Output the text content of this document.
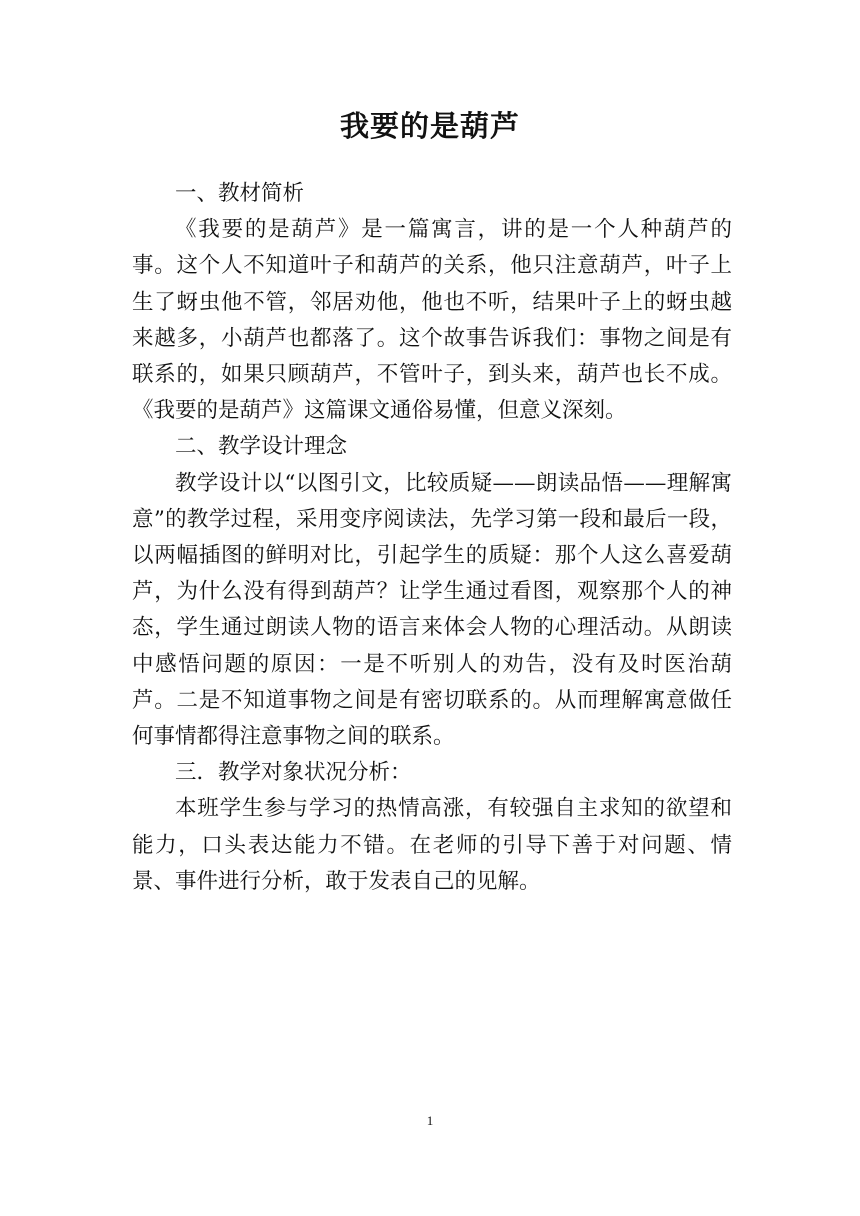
我要的是葫芦

一、教材简析

《我要的是葫芦》是一篇寓言，讲的是一个人种葫芦的事。这个人不知道叶子和葫芦的关系，他只注意葫芦，叶子上生了蚜虫他不管，邻居劝他，他也不听，结果叶子上的蚜虫越来越多，小葫芦也都落了。这个故事告诉我们：事物之间是有联系的，如果只顾葫芦，不管叶子，到头来，葫芦也长不成。《我要的是葫芦》这篇课文通俗易懂，但意义深刻。

二、教学设计理念

教学设计以“以图引文，比较质疑——朗读品悟——理解寓意”的教学过程，采用变序阅读法，先学习第一段和最后一段，以两幅插图的鲜明对比，引起学生的质疑：那个人这么喜爱葫芦，为什么没有得到葫芦？让学生通过看图，观察那个人的神态，学生通过朗读人物的语言来体会人物的心理活动。从朗读中感悟问题的原因：一是不听别人的劝告，没有及时医治葫芦。二是不知道事物之间是有密切联系的。从而理解寓意做任何事情都得注意事物之间的联系。

三．教学对象状况分析：

本班学生参与学习的热情高涨，有较强自主求知的欲望和能力，口头表达能力不错。在老师的引导下善于对问题、情景、事件进行分析，敢于发表自己的见解。

1
